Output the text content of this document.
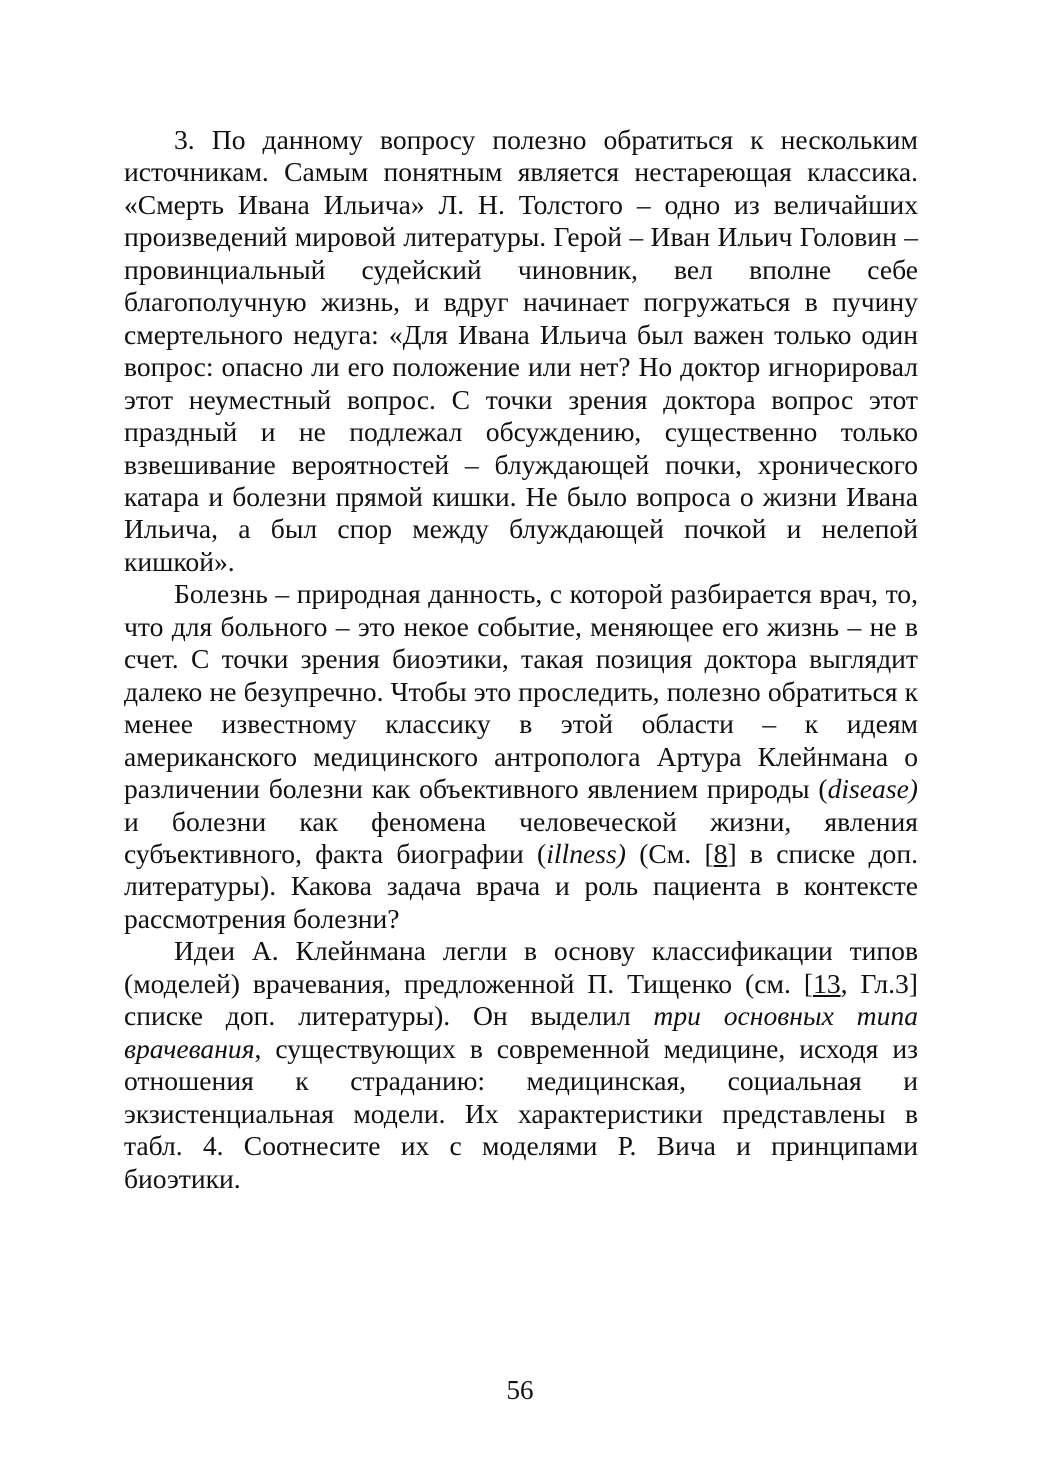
3. По данному вопросу полезно обратиться к нескольким источникам. Самым понятным является нестареющая классика. «Смерть Ивана Ильича» Л. Н. Толстого – одно из величайших произведений мировой литературы. Герой – Иван Ильич Головин – провинциальный судейский чиновник, вел вполне себе благополучную жизнь, и вдруг начинает погружаться в пучину смертельного недуга: «Для Ивана Ильича был важен только один вопрос: опасно ли его положение или нет? Но доктор игнорировал этот неуместный вопрос. С точки зрения доктора вопрос этот праздный и не подлежал обсуждению, существенно только взвешивание вероятностей – блуждающей почки, хронического катара и болезни прямой кишки. Не было вопроса о жизни Ивана Ильича, а был спор между блуждающей почкой и нелепой кишкой».

Болезнь – природная данность, с которой разбирается врач, то, что для больного – это некое событие, меняющее его жизнь – не в счет. С точки зрения биоэтики, такая позиция доктора выглядит далеко не безупречно. Чтобы это проследить, полезно обратиться к менее известному классику в этой области – к идеям американского медицинского антрополога Артура Клейнмана о различении болезни как объективного явлением природы (disease) и болезни как феномена человеческой жизни, явления субъективного, факта биографии (illness) (См. [8] в списке доп. литературы). Какова задача врача и роль пациента в контексте рассмотрения болезни?

Идеи А. Клейнмана легли в основу классификации типов (моделей) врачевания, предложенной П. Тищенко (см. [13, Гл.3] списке доп. литературы). Он выделил три основных типа врачевания, существующих в современной медицине, исходя из отношения к страданию: медицинская, социальная и экзистенциальная модели. Их характеристики представлены в табл. 4. Соотнесите их с моделями Р. Вича и принципами биоэтики.

56
